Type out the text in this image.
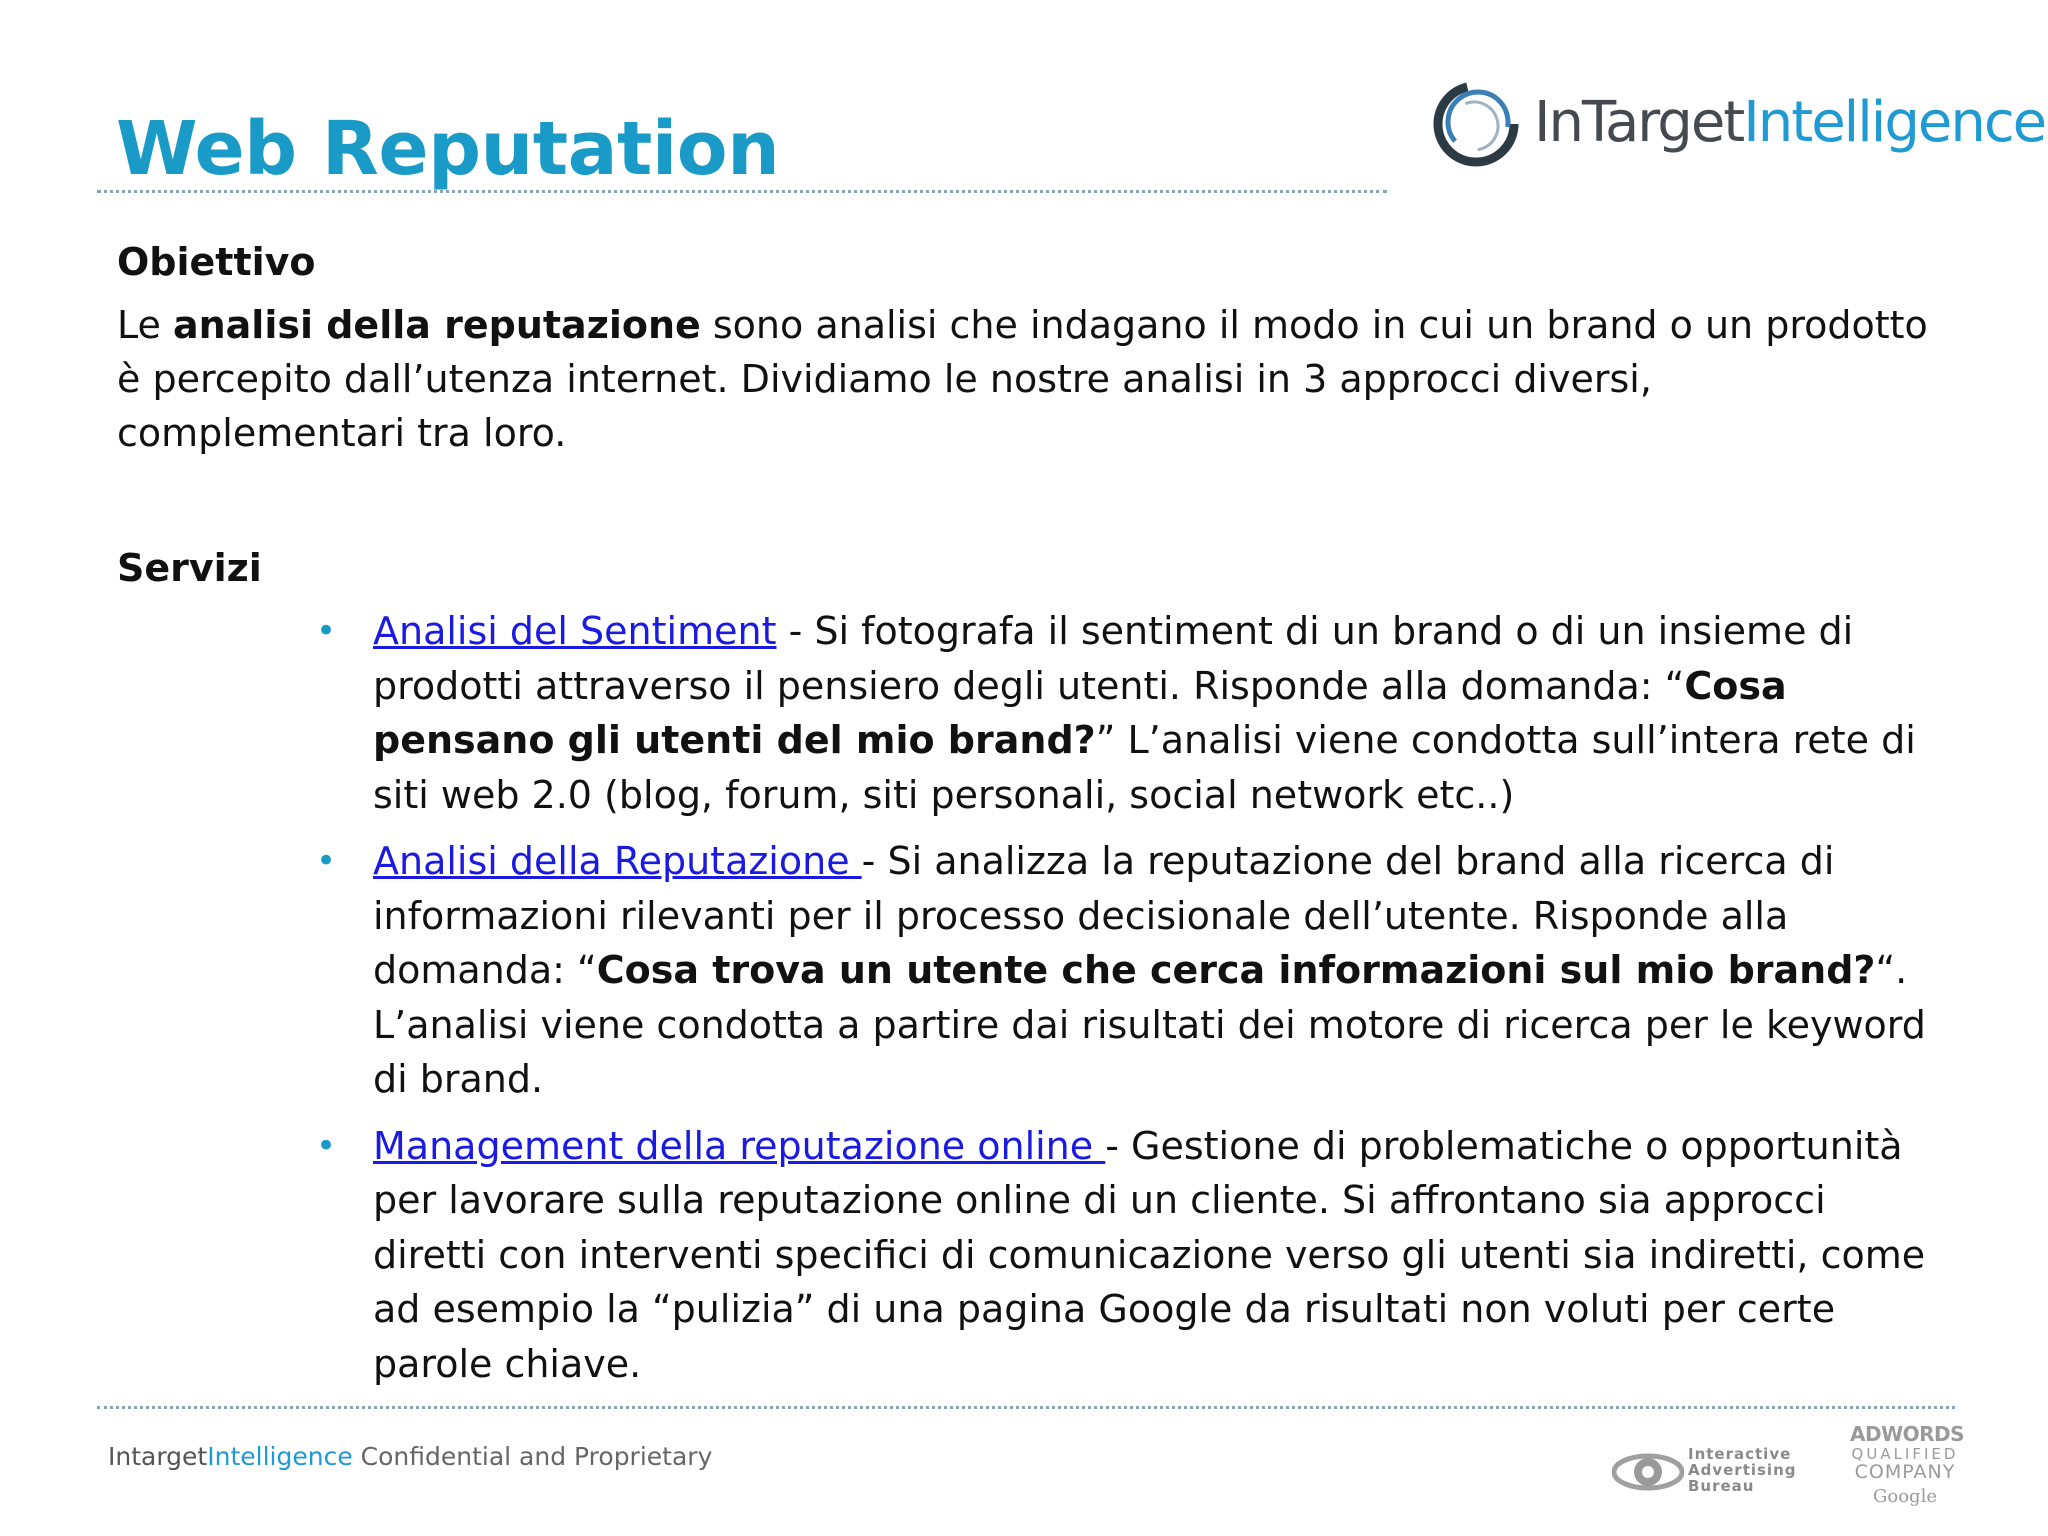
Web Reputation	InTargetIntelligence
Obiettivo
Le analisi della reputazione sono analisi che indagano il modo in cui un brand o un prodotto è percepito dall’utenza internet. Dividiamo le nostre analisi in 3 approcci diversi, complementari tra loro.
Servizi
• Analisi del Sentiment - Si fotografa il sentiment di un brand o di un insieme di prodotti attraverso il pensiero degli utenti. Risponde alla domanda: “Cosa pensano gli utenti del mio brand?” L’analisi viene condotta sull’intera rete di siti web 2.0 (blog, forum, siti personali, social network etc..)
• Analisi della Reputazione - Si analizza la reputazione del brand alla ricerca di informazioni rilevanti per il processo decisionale dell’utente. Risponde alla domanda: “Cosa trova un utente che cerca informazioni sul mio brand?“. L’analisi viene condotta a partire dai risultati dei motore di ricerca per le keyword di brand.
• Management della reputazione online - Gestione di problematiche o opportunità per lavorare sulla reputazione online di un cliente. Si affrontano sia approcci diretti con interventi specifici di comunicazione verso gli utenti sia indiretti, come ad esempio la “pulizia” di una pagina Google da risultati non voluti per certe parole chiave.
IntargetIntelligence Confidential and Proprietary	Interactive
Advertising
Bureau
ADWORDS
QUALIFIED
COMPANY
Google
